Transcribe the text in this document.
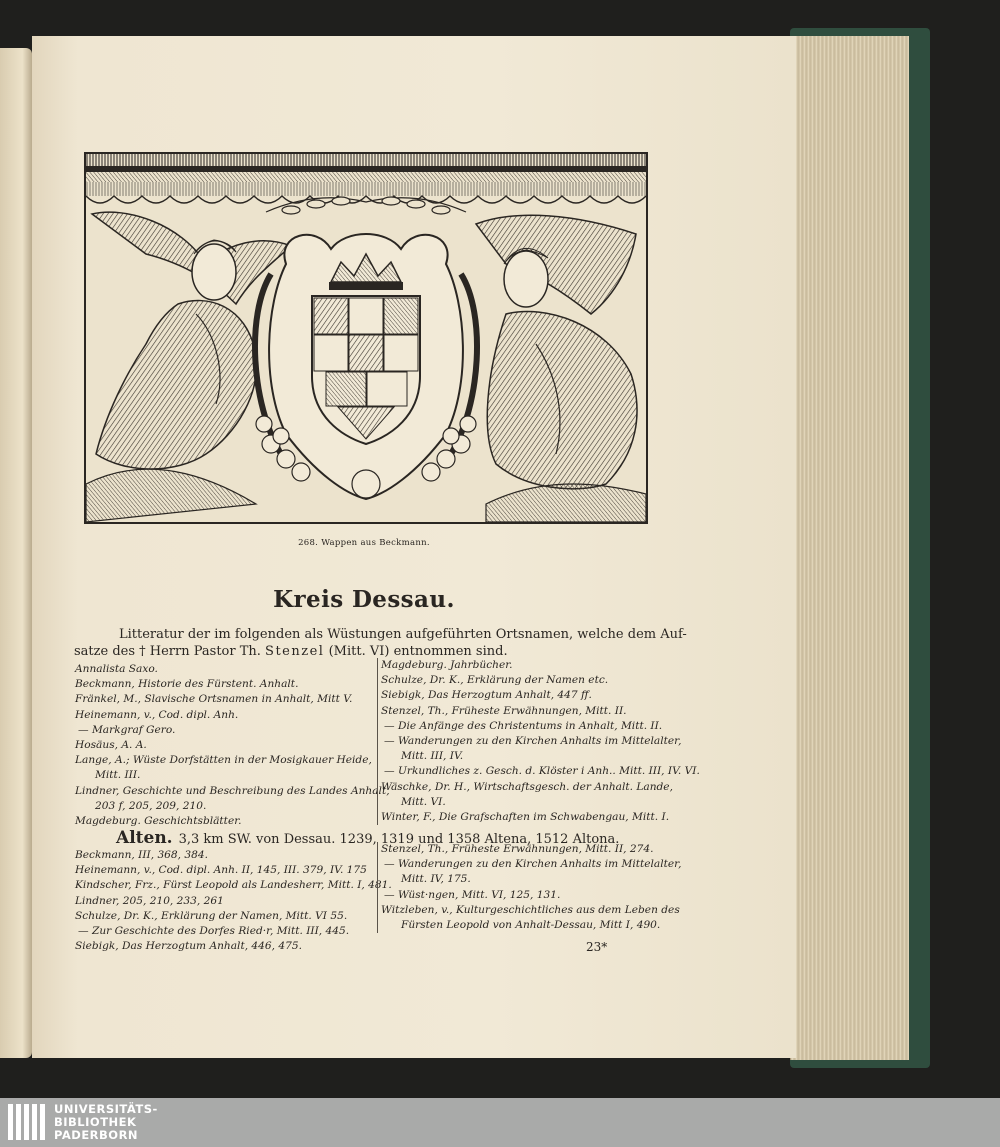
268. Wappen aus Beckmann.
Kreis Dessau.
Litteratur der im folgenden als Wüstungen aufgeführten Ortsnamen, welche dem Auf-
satze des † Herrn Pastor Th. Stenzel (Mitt. VI) entnommen sind.
Annalista Saxo.
Beckmann, Historie des Fürstent. Anhalt.
Fränkel, M., Slavische Ortsnamen in Anhalt, Mitt V.
Heinemann, v., Cod. dipl. Anh.
— Markgraf Gero.
Hosäus, A. A.
Lange, A.; Wüste Dorfstätten in der Mosigkauer Heide,
Mitt. III.
Lindner, Geschichte und Beschreibung des Landes Anhalt,
203 f, 205, 209, 210.
Magdeburg. Geschichtsblätter.
Magdeburg. Jahrbücher.
Schulze, Dr. K., Erklärung der Namen etc.
Siebigk, Das Herzogtum Anhalt, 447 ff.
Stenzel, Th., Früheste Erwähnungen, Mitt. II.
— Die Anfänge des Christentums in Anhalt, Mitt. II.
— Wanderungen zu den Kirchen Anhalts im Mittelalter,
Mitt. III, IV.
— Urkundliches z. Gesch. d. Klöster i Anh.. Mitt. III, IV. VI.
Wäschke, Dr. H., Wirtschaftsgesch. der Anhalt. Lande,
Mitt. VI.
Winter, F., Die Grafschaften im Schwabengau, Mitt. I.
Alten. 3,3 km SW. von Dessau. 1239, 1319 und 1358 Altena, 1512 Altona.
Beckmann, III, 368, 384.
Heinemann, v., Cod. dipl. Anh. II, 145, III. 379, IV. 175
Kindscher, Frz., Fürst Leopold als Landesherr, Mitt. I, 481.
Lindner, 205, 210, 233, 261
Schulze, Dr. K., Erklärung der Namen, Mitt. VI 55.
— Zur Geschichte des Dorfes Ried·r, Mitt. III, 445.
Siebigk, Das Herzogtum Anhalt, 446, 475.
Stenzel, Th., Früheste Erwähnungen, Mitt. II, 274.
— Wanderungen zu den Kirchen Anhalts im Mittelalter,
Mitt. IV, 175.
— Wüst·ngen, Mitt. VI, 125, 131.
Witzleben, v., Kulturgeschichtliches aus dem Leben des
Fürsten Leopold von Anhalt-Dessau, Mitt I, 490.
23*
UNIVERSITÄTS-
BIBLIOTHEK
PADERBORN
